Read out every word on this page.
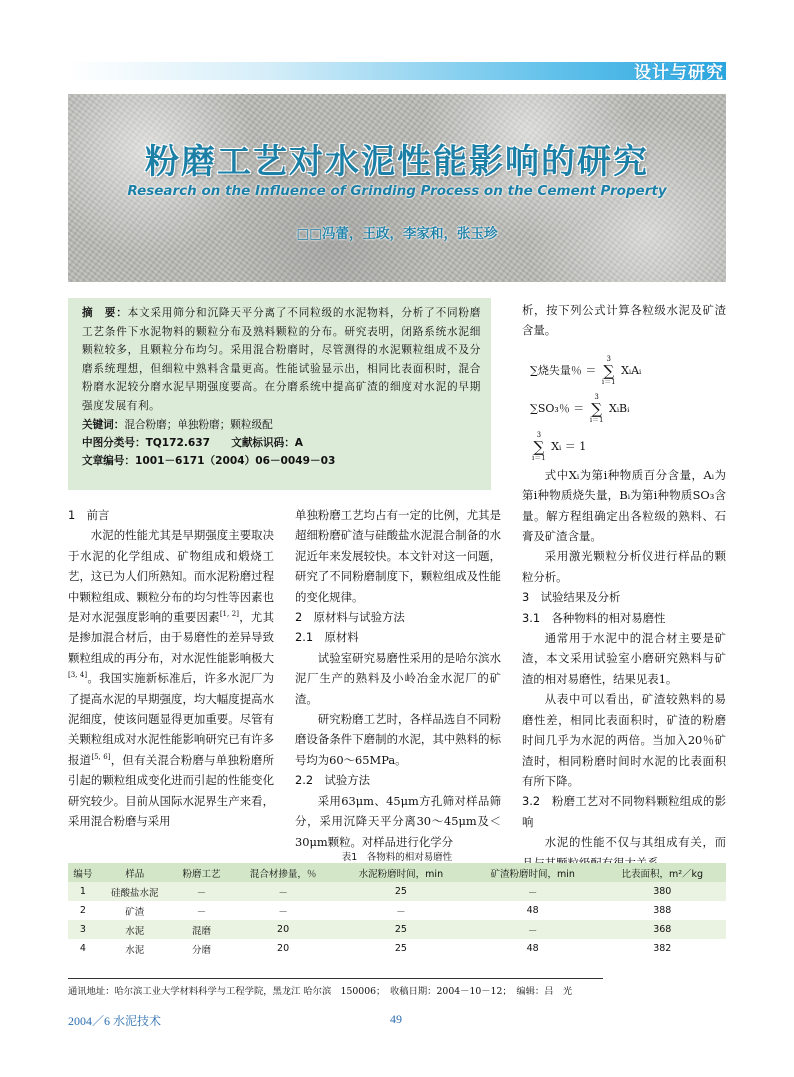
设计与研究
粉磨工艺对水泥性能影响的研究
Research on the Influence of Grinding Process on the Cement Property
□□冯蕾，王政，李家和，张玉珍

摘　要：本文采用筛分和沉降天平分离了不同粒级的水泥物料，分析了不同粉磨工艺条件下水泥物料的颗粒分布及熟料颗粒的分布。研究表明，闭路系统水泥细颗粒较多，且颗粒分布均匀。采用混合粉磨时，尽管测得的水泥颗粒组成不及分磨系统理想，但细粒中熟料含量更高。性能试验显示出，相同比表面积时，混合粉磨水泥较分磨水泥早期强度要高。在分磨系统中提高矿渣的细度对水泥的早期强度发展有利。

关键词：混合粉磨；单独粉磨；颗粒级配

中图分类号：TQ172.637　　 文献标识码：A

文章编号：1001－6171（2004）06－0049－03

1　前言

水泥的性能尤其是早期强度主要取决于水泥的化学组成、矿物组成和煅烧工艺，这已为人们所熟知。而水泥粉磨过程中颗粒组成、颗粒分布的均匀性等因素也是对水泥强度影响的重要因素[1, 2]，尤其是掺加混合材后，由于易磨性的差异导致颗粒组成的再分布，对水泥性能影响极大[3, 4]。我国实施新标准后，许多水泥厂为了提高水泥的早期强度，均大幅度提高水泥细度，使该问题显得更加重要。尽管有关颗粒组成对水泥性能影响研究已有许多报道[5, 6]，但有关混合粉磨与单独粉磨所引起的颗粒组成变化进而引起的性能变化研究较少。目前从国际水泥界生产来看，采用混合粉磨与采用

单独粉磨工艺均占有一定的比例，尤其是超细粉磨矿渣与硅酸盐水泥混合制备的水泥近年来发展较快。本文针对这一问题，研究了不同粉磨制度下，颗粒组成及性能的变化规律。

2　原材料与试验方法

2.1　原材料

试验室研究易磨性采用的是哈尔滨水泥厂生产的熟料及小岭冶金水泥厂的矿渣。

研究粉磨工艺时，各样品选自不同粉磨设备条件下磨制的水泥，其中熟料的标号均为60～65MPa。

2.2　试验方法

采用63μm、45μm方孔筛对样品筛分，采用沉降天平分离30～45μm及＜30μm颗粒。对样品进行化学分

析，按下列公式计算各粒级水泥及矿渣含量。

∑烧失量％ ＝
3
∑
i＝1
XᵢAᵢ
∑SO₃％ ＝
3
∑
i＝1
XᵢBᵢ
3
∑
i＝1
Xᵢ ＝ 1

式中Xᵢ为第i种物质百分含量，Aᵢ为第i种物质烧失量，Bᵢ为第i种物质SO₃含量。解方程组确定出各粒级的熟料、石膏及矿渣含量。

采用激光颗粒分析仪进行样品的颗粒分析。

3　试验结果及分析

3.1　各种物料的相对易磨性

通常用于水泥中的混合材主要是矿渣，本文采用试验室小磨研究熟料与矿渣的相对易磨性，结果见表1。

从表中可以看出，矿渣较熟料的易磨性差，相同比表面积时，矿渣的粉磨时间几乎为水泥的两倍。当加入20％矿渣时，相同粉磨时间时水泥的比表面积有所下降。

3.2　粉磨工艺对不同物料颗粒组成的影响

水泥的性能不仅与其组成有关，而

表1　各物料的相对易磨性
编号	样品	粉磨工艺	混合材掺量，％	水泥粉磨时间，min	矿渣粉磨时间，min	比表面积，m²／kg
1	硅酸盐水泥	－	－	25	－	380
2	矿渣	－	－	－	48	388
3	水泥	混磨	20	25	－	368
4	水泥	分磨	20	25	48	382
通讯地址：哈尔滨工业大学材料科学与工程学院，黑龙江 哈尔滨　150006；　收稿日期：2004－10－12；　编辑：吕　光
2004／6 水泥技术	49
